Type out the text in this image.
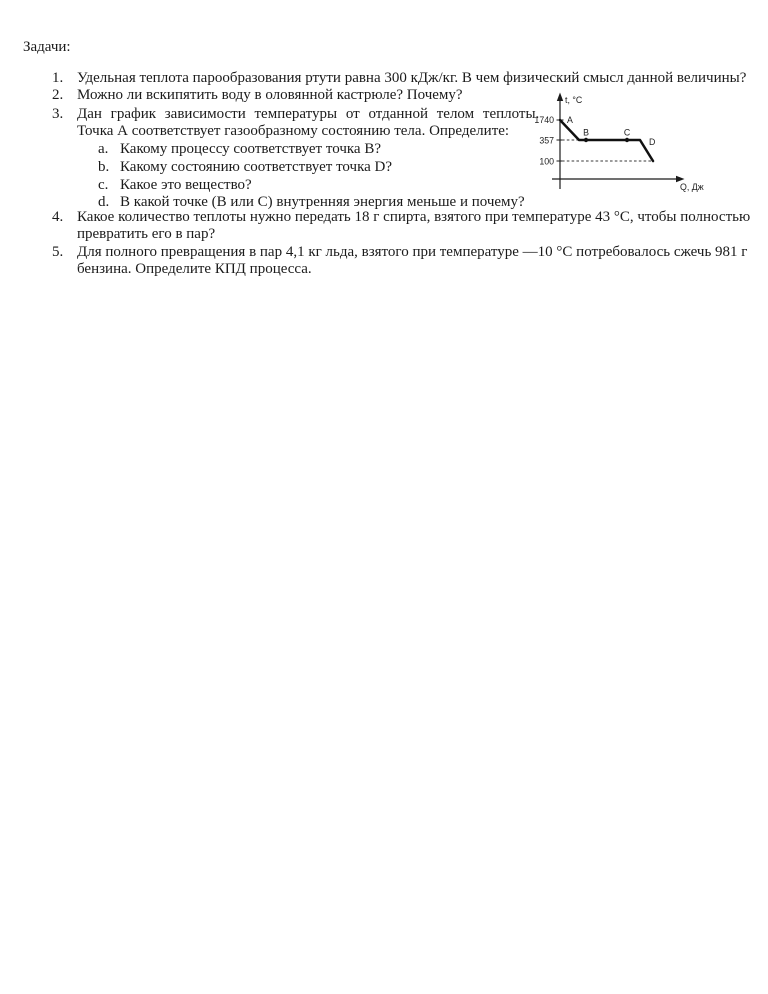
Задачи:
1. Удельная теплота парообразования ртути равна 300 кДж/кг. В чем физический смысл данной величины?
2. Можно ли вскипятить воду в оловянной кастрюле? Почему?
3. Дан график зависимости температуры от отданной телом теплоты.
Точка А соответствует газообразному состоянию тела. Определите:
a. Какому процессу соответствует точка В?
b. Какому состоянию соответствует точка D?
c. Какое это вещество?
d. В какой точке (В или С) внутренняя энергия меньше и почему?
4. Какое количество теплоты нужно передать 18 г спирта, взятого при температуре 43 °С, чтобы полностью
превратить его в пар?
5. Для полного превращения в пар 4,1 кг льда, взятого при температуре —10 °С потребовалось сжечь 981 г
бензина. Определите КПД процесса.
t, °C
Q, Дж
1740
357
100
A
B	C
D
